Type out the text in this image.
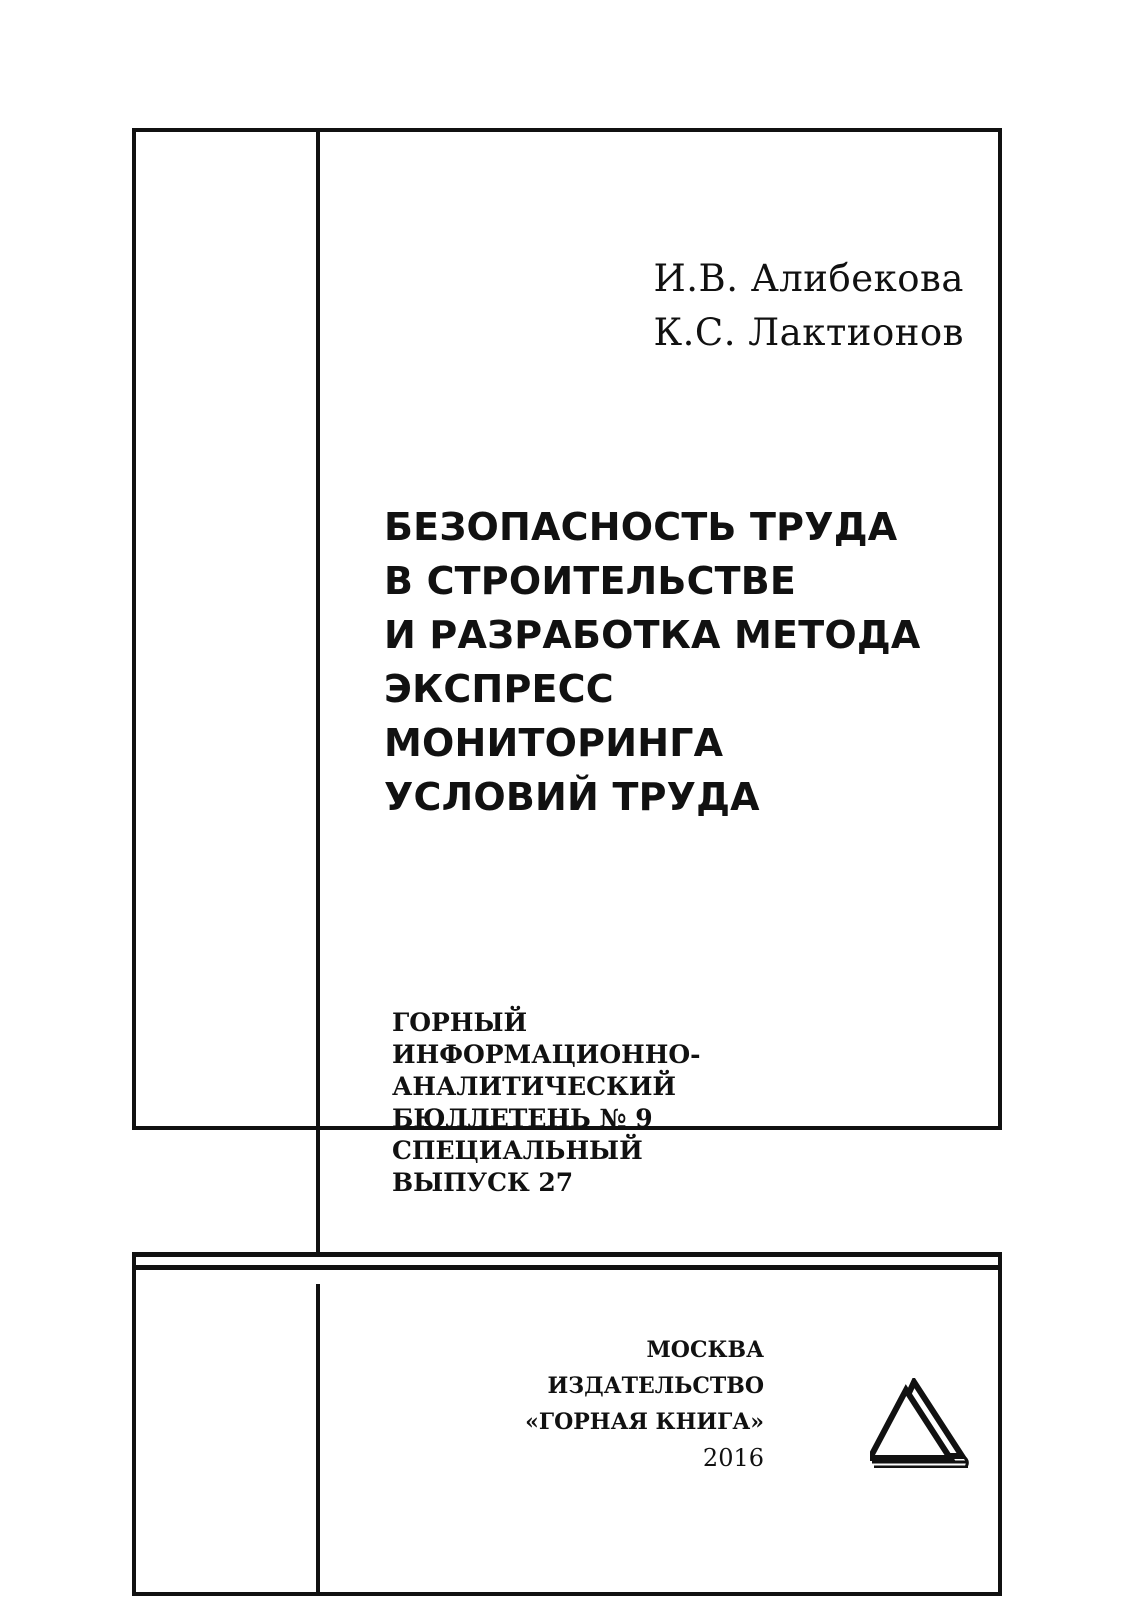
И.В. Алибекова
К.С. Лактионов
БЕЗОПАСНОСТЬ ТРУДА
В СТРОИТЕЛЬСТВЕ
И РАЗРАБОТКА МЕТОДА
ЭКСПРЕСС
МОНИТОРИНГА
УСЛОВИЙ ТРУДА
ГОРНЫЙ
ИНФОРМАЦИОННО-
АНАЛИТИЧЕСКИЙ
БЮЛЛЕТЕНЬ № 9
СПЕЦИАЛЬНЫЙ
ВЫПУСК 27
МОСКВА
ИЗДАТЕЛЬСТВО
«ГОРНАЯ КНИГА»
2016
